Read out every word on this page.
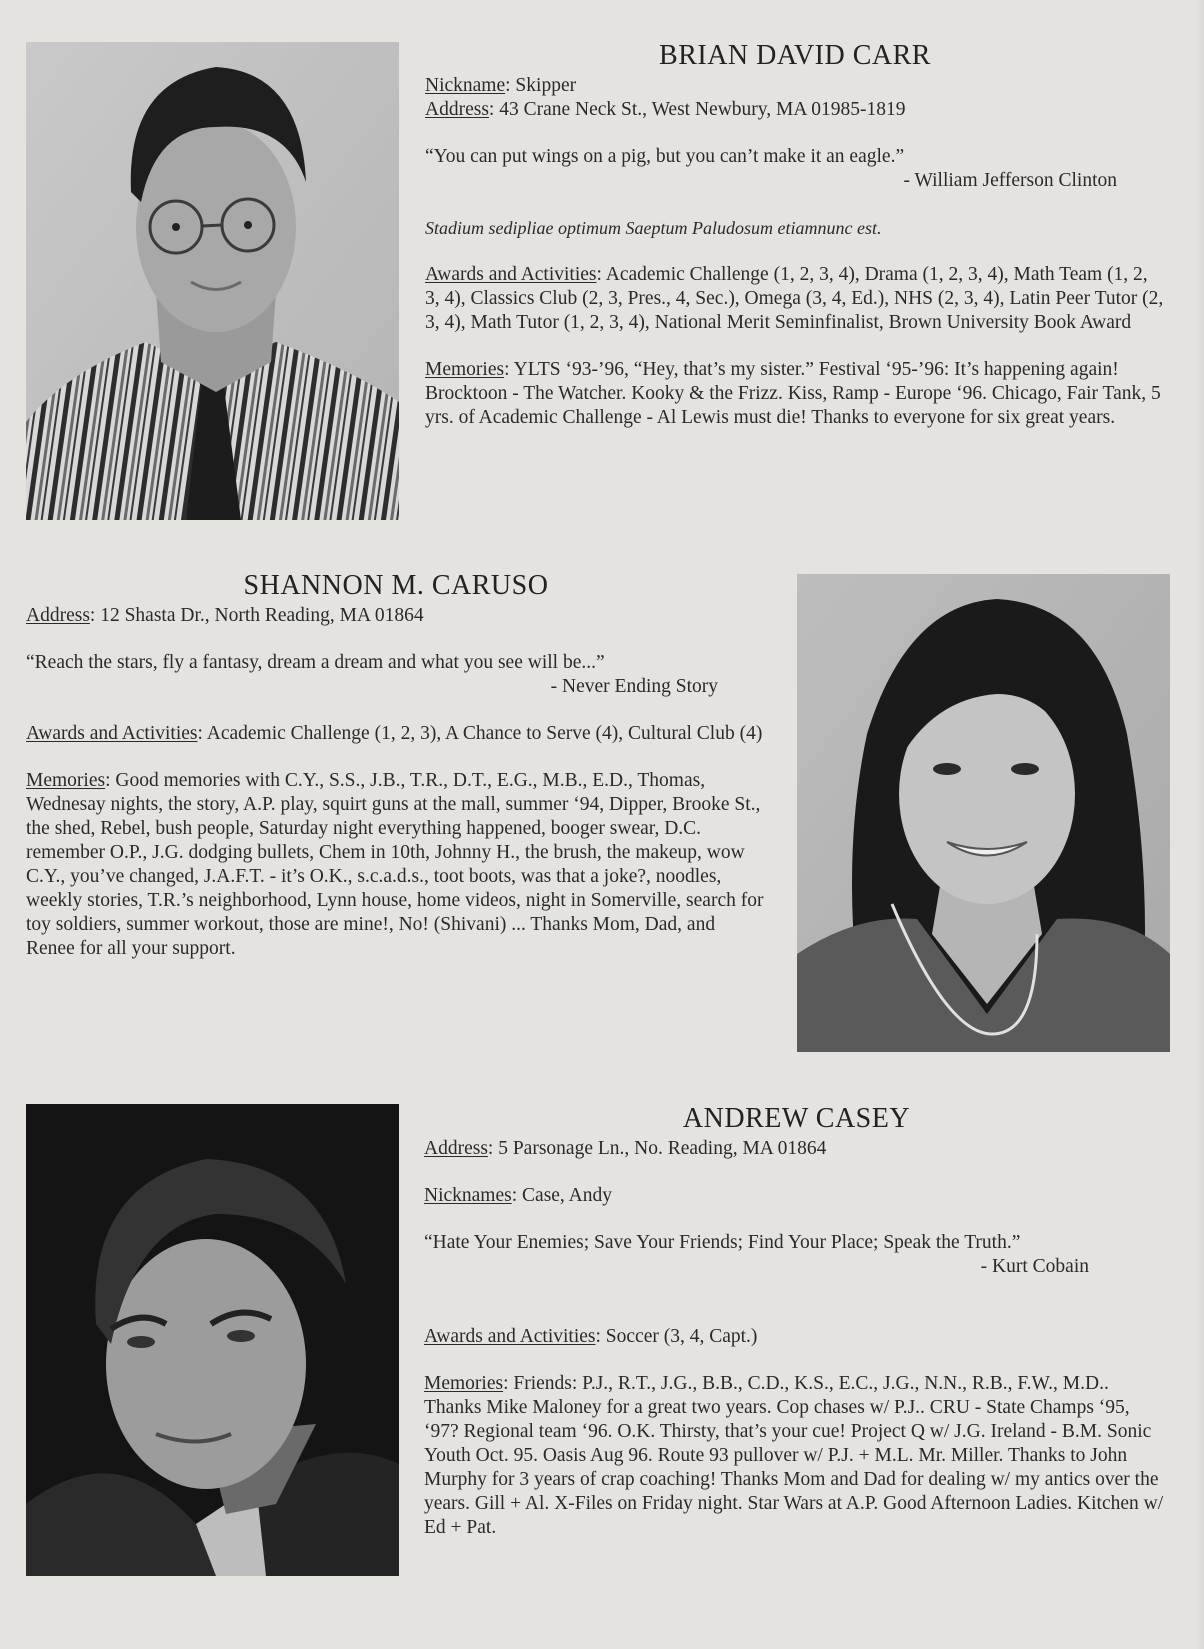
BRIAN DAVID CARR

Nickname: Skipper

Address: 43 Crane Neck St., West Newbury, MA 01985-1819

“You can put wings on a pig, but you can’t make it an eagle.”

- William Jefferson Clinton

Stadium sedipliae optimum Saeptum Paludosum etiamnunc est.

Awards and Activities: Academic Challenge (1, 2, 3, 4), Drama (1, 2, 3, 4), Math Team (1, 2, 3, 4), Classics Club (2, 3, Pres., 4, Sec.), Omega (3, 4, Ed.), NHS (2, 3, 4), Latin Peer Tutor (2, 3, 4), Math Tutor (1, 2, 3, 4), National Merit Seminfinalist, Brown University Book Award

Memories: YLTS ‘93-’96, “Hey, that’s my sister.” Festival ‘95-’96: It’s happening again! Brocktoon - The Watcher. Kooky & the Frizz. Kiss, Ramp - Europe ‘96. Chicago, Fair Tank, 5 yrs. of Academic Challenge - Al Lewis must die! Thanks to everyone for six great years.

SHANNON M. CARUSO

Address: 12 Shasta Dr., North Reading, MA 01864

“Reach the stars, fly a fantasy, dream a dream and what you see will be...”

- Never Ending Story

Awards and Activities: Academic Challenge (1, 2, 3), A Chance to Serve (4), Cultural Club (4)

Memories: Good memories with C.Y., S.S., J.B., T.R., D.T., E.G., M.B., E.D., Thomas, Wednesay nights, the story, A.P. play, squirt guns at the mall, summer ‘94, Dipper, Brooke St., the shed, Rebel, bush people, Saturday night everything happened, booger swear, D.C. remember O.P., J.G. dodging bullets, Chem in 10th, Johnny H., the brush, the makeup, wow C.Y., you’ve changed, J.A.F.T. - it’s O.K., s.c.a.d.s., toot boots, was that a joke?, noodles, weekly stories, T.R.’s neighborhood, Lynn house, home videos, night in Somerville, search for toy soldiers, summer workout, those are mine!, No! (Shivani) ... Thanks Mom, Dad, and Renee for all your support.

ANDREW CASEY

Address: 5 Parsonage Ln., No. Reading, MA 01864

Nicknames: Case, Andy

“Hate Your Enemies; Save Your Friends; Find Your Place; Speak the Truth.”

- Kurt Cobain

Awards and Activities: Soccer (3, 4, Capt.)

Memories: Friends: P.J., R.T., J.G., B.B., C.D., K.S., E.C., J.G., N.N., R.B., F.W., M.D.. Thanks Mike Maloney for a great two years. Cop chases w/ P.J.. CRU - State Champs ‘95, ‘97? Regional team ‘96. O.K. Thirsty, that’s your cue! Project Q w/ J.G. Ireland - B.M. Sonic Youth Oct. 95. Oasis Aug 96. Route 93 pullover w/ P.J. + M.L. Mr. Miller. Thanks to John Murphy for 3 years of crap coaching! Thanks Mom and Dad for dealing w/ my antics over the years. Gill + Al. X-Files on Friday night. Star Wars at A.P. Good Afternoon Ladies. Kitchen w/ Ed + Pat.
